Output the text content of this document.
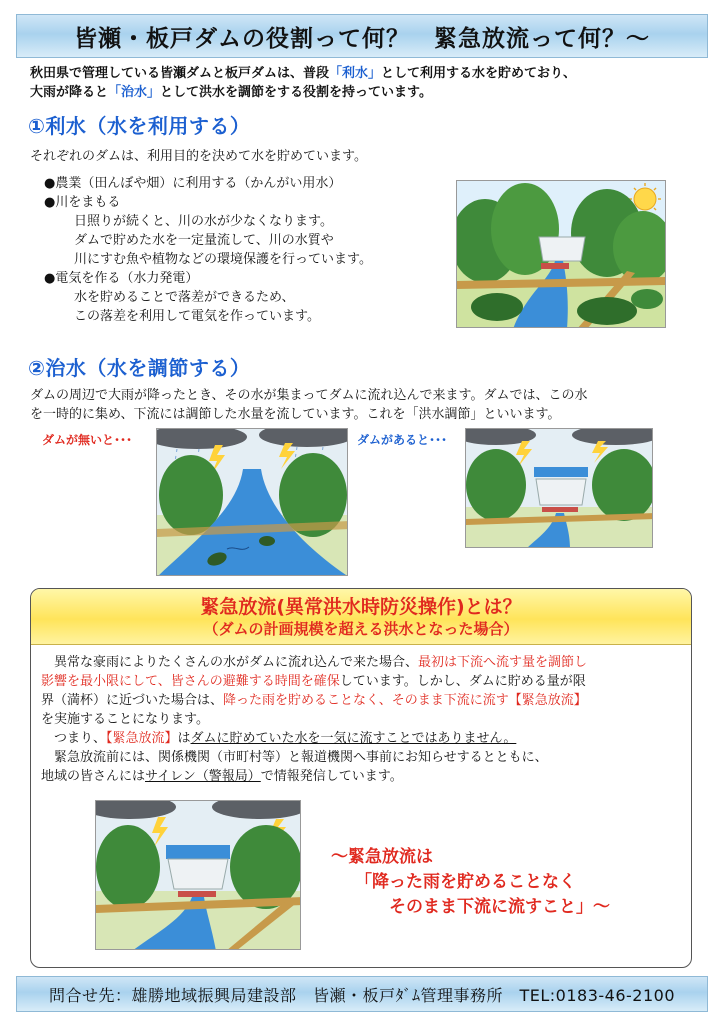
皆瀬・板戸ダムの役割って何？　緊急放流って何？～
秋田県で管理している皆瀬ダムと板戸ダムは、普段「利水」として利用する水を貯めており、
大雨が降ると「治水」として洪水を調節をする役割を持っています。
①利水（水を利用する）
それぞれのダムは、利用目的を決めて水を貯めています。
●農業（田んぼや畑）に利用する（かんがい用水）
●川をまもる
日照りが続くと、川の水が少なくなります。
ダムで貯めた水を一定量流して、川の水質や
川にすむ魚や植物などの環境保護を行っています。
●電気を作る（水力発電）
水を貯めることで落差ができるため、
この落差を利用して電気を作っています。
②治水（水を調節する）
ダムの周辺で大雨が降ったとき、その水が集まってダムに流れ込んで来ます。ダムでは、この水
を一時的に集め、下流には調節した水量を流しています。これを「洪水調節」といいます。
ダムが無いと･･･	ダムがあると･･･
緊急放流(異常洪水時防災操作)とは？
（ダムの計画規模を超える洪水となった場合）
　異常な豪雨によりたくさんの水がダムに流れ込んで来た場合、最初は下流へ流す量を調節し
影響を最小限にして、皆さんの避難する時間を確保しています。しかし、ダムに貯める量が限
界（満杯）に近づいた場合は、降った雨を貯めることなく、そのまま下流に流す【緊急放流】
を実施することになります。
　つまり、【緊急放流】はダムに貯めていた水を一気に流すことではありません。
　緊急放流前には、関係機関（市町村等）と報道機関へ事前にお知らせするとともに、
地域の皆さんにはサイレン（警報局）で情報発信しています。
～緊急放流は
「降った雨を貯めることなく
そのまま下流に流すこと」～
問合せ先：雄勝地域振興局建設部　皆瀬・板戸ﾀﾞﾑ管理事務所　TEL:0183-46-2100
